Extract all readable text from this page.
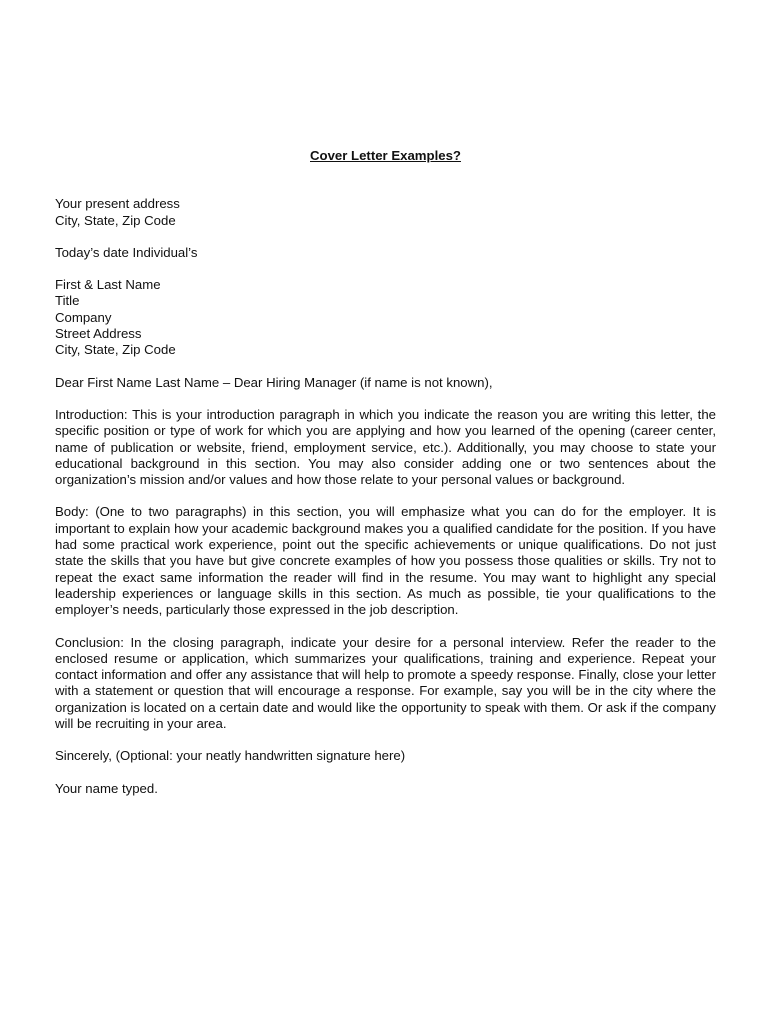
Cover Letter Examples?
Your present address
City, State, Zip Code
Today’s date Individual’s
First & Last Name
Title
Company
Street Address
City, State, Zip Code
Dear First Name Last Name – Dear Hiring Manager (if name is not known),

Introduction: This is your introduction paragraph in which you indicate the reason you are writing this letter, the specific position or type of work for which you are applying and how you learned of the opening (career center, name of publication or website, friend, employment service, etc.). Additionally, you may choose to state your educational background in this section. You may also consider adding one or two sentences about the organization’s mission and/or values and how those relate to your personal values or background.

Body: (One to two paragraphs) in this section, you will emphasize what you can do for the employer. It is important to explain how your academic background makes you a qualified candidate for the position. If you have had some practical work experience, point out the specific achievements or unique qualifications. Do not just state the skills that you have but give concrete examples of how you possess those qualities or skills. Try not to repeat the exact same information the reader will find in the resume. You may want to highlight any special leadership experiences or language skills in this section. As much as possible, tie your qualifications to the employer’s needs, particularly those expressed in the job description.

Conclusion: In the closing paragraph, indicate your desire for a personal interview. Refer the reader to the enclosed resume or application, which summarizes your qualifications, training and experience. Repeat your contact information and offer any assistance that will help to promote a speedy response. Finally, close your letter with a statement or question that will encourage a response. For example, say you will be in the city where the organization is located on a certain date and would like the opportunity to speak with them. Or ask if the company will be recruiting in your area.

Sincerely, (Optional: your neatly handwritten signature here)
Your name typed.
